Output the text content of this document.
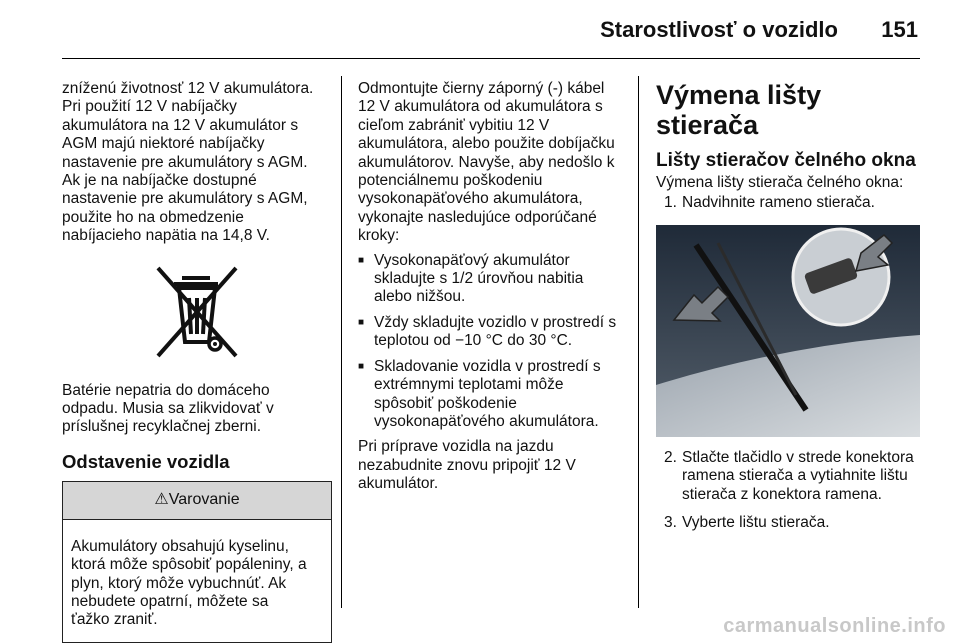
Starostlivosť o vozidlo 151

zníženú životnosť 12 V akumulátora.
Pri použití 12 V nabíjačky
akumulátora na 12 V akumulátor s
AGM majú niektoré nabíjačky
nastavenie pre akumulátory s AGM.
Ak je na nabíjačke dostupné
nastavenie pre akumulátory s AGM,
použite ho na obmedzenie
nabíjacieho napätia na 14,8 V.

Batérie nepatria do domáceho
odpadu. Musia sa zlikvidovať v
príslušnej recyklačnej zberni.

Odstavenie vozidla
⚠Varovanie
Akumulátory obsahujú kyselinu,
ktorá môže spôsobiť popáleniny, a
plyn, ktorý môže vybuchnúť. Ak
nebudete opatrní, môžete sa
ťažko zraniť.

Odmontujte čierny záporný (-) kábel
12 V akumulátora od akumulátora s
cieľom zabrániť vybitiu 12 V
akumulátora, alebo použite dobíjačku
akumulátorov. Navyše, aby nedošlo k
potenciálnemu poškodeniu
vysokonapäťového akumulátora,
vykonajte nasledujúce odporúčané
kroky:

■ Vysokonapäťový akumulátor
skladujte s 1/2 úrovňou nabitia
alebo nižšou.
■ Vždy skladujte vozidlo v prostredí s
teplotou od −10 °C do 30 °C.
■ Skladovanie vozidla v prostredí s
extrémnymi teplotami môže
spôsobiť poškodenie
vysokonapäťového akumulátora.

Pri príprave vozidla na jazdu
nezabudnite znovu pripojiť 12 V
akumulátor.

Výmena lišty stierača
Lišty stieračov čelného okna

Výmena lišty stierača čelného okna:

1. Nadvihnite rameno stierača.
2. Stlačte tlačidlo v strede konektora
ramena stierača a vytiahnite lištu
stierača z konektora ramena.
3. Vyberte lištu stierača.
carmanualsonline.info
